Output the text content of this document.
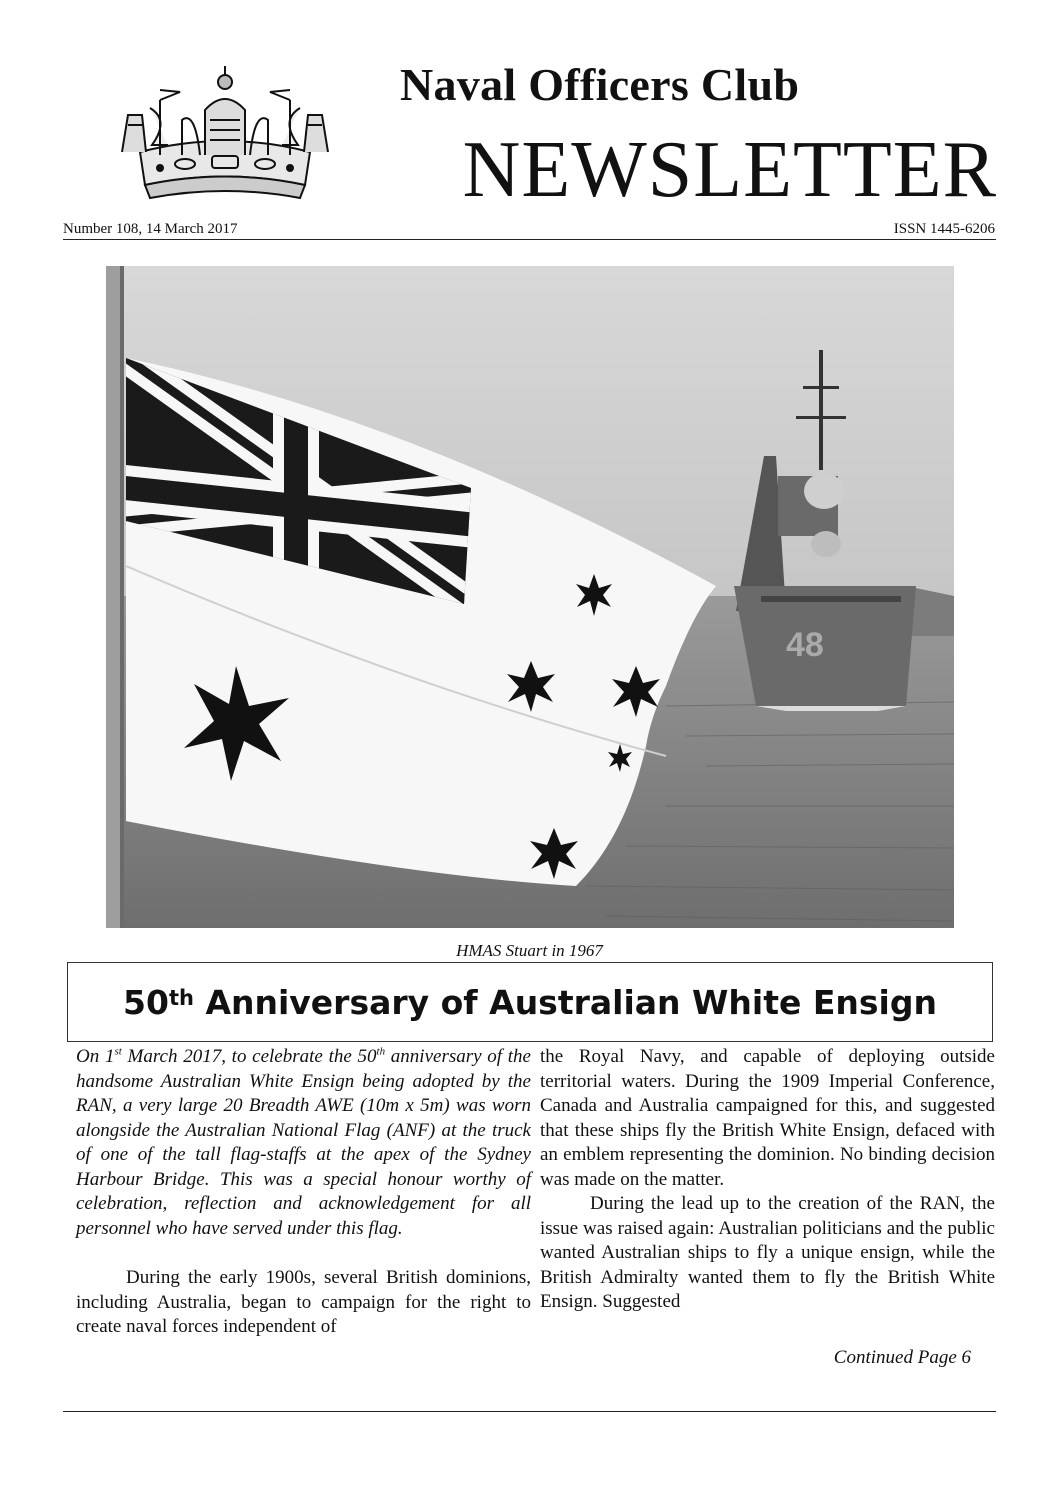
Naval Officers Club
NEWSLETTER
Number 108, 14 March 2017	ISSN 1445-6206
48
HMAS Stuart in 1967
50th Anniversary of Australian White Ensign

On 1st March 2017, to celebrate the 50th anniversary of the handsome Australian White Ensign being adopted by the RAN, a very large 20 Breadth AWE (10m x 5m) was worn alongside the Australian National Flag (ANF) at the truck of one of the tall flag-staffs at the apex of the Sydney Harbour Bridge. This was a special honour worthy of celebration, reflection and acknowledgement for all personnel who have served under this flag.

During the early 1900s, several British dominions, including Australia, began to campaign for the right to create naval forces independent of

the Royal Navy, and capable of deploying outside territorial waters. During the 1909 Imperial Conference, Canada and Australia campaigned for this, and suggested that these ships fly the British White Ensign, defaced with an emblem representing the dominion. No binding decision was made on the matter.

During the lead up to the creation of the RAN, the issue was raised again: Australian politicians and the public wanted Australian ships to fly a unique ensign, while the British Admiralty wanted them to fly the British White Ensign. Suggested

Continued Page 6
